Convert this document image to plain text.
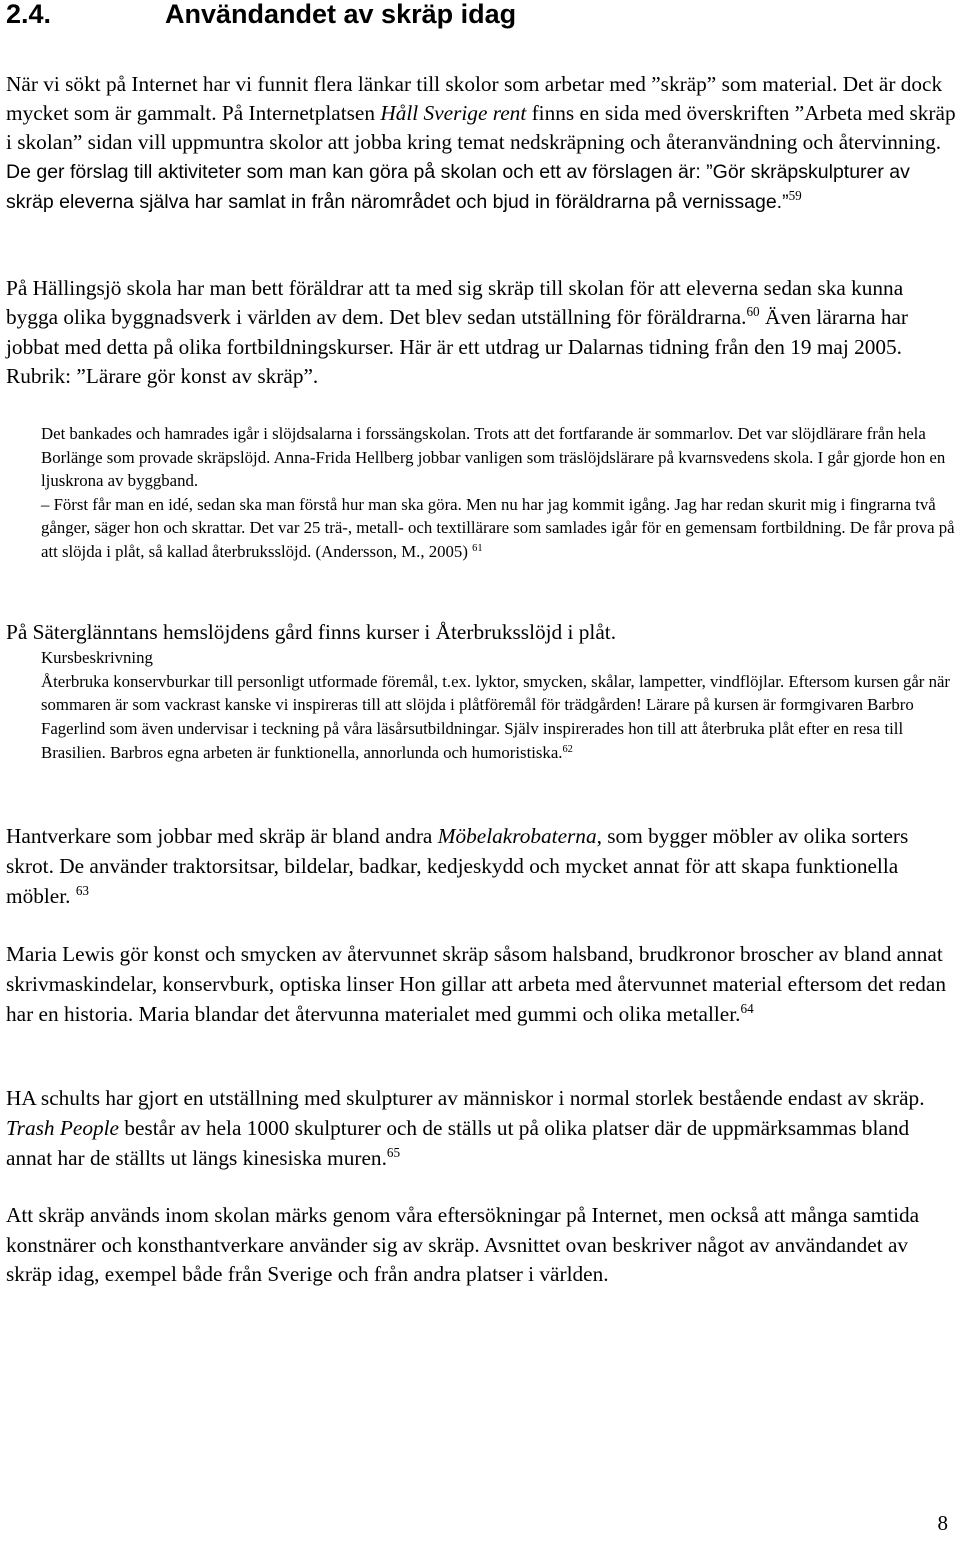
2.4.	Användandet av skräp idag

När vi sökt på Internet har vi funnit flera länkar till skolor som arbetar med ”skräp” som material. Det är dock mycket som är gammalt. På Internetplatsen Håll Sverige rent finns en sida med överskriften ”Arbeta med skräp i skolan” sidan vill uppmuntra skolor att jobba kring temat nedskräpning och återanvändning och återvinning. De ger förslag till aktiviteter som man kan göra på skolan och ett av förslagen är: ”Gör skräpskulpturer av skräp eleverna själva har samlat in från närområdet och bjud in föräldrarna på vernissage.”$^{59}$

På Hällingsjö skola har man bett föräldrar att ta med sig skräp till skolan för att eleverna sedan ska kunna bygga olika byggnadsverk i världen av dem. Det blev sedan utställning för föräldrarna.$^{60}$ Även lärarna har jobbat med detta på olika fortbildningskurser. Här är ett utdrag ur Dalarnas tidning från den 19 maj 2005. Rubrik: ”Lärare gör konst av skräp”.

Det bankades och hamrades igår i slöjdsalarna i forssängskolan. Trots att det fortfarande är sommarlov. Det var slöjdlärare från hela Borlänge som provade skräpslöjd. Anna-Frida Hellberg jobbar vanligen som träslöjdslärare på kvarnsvedens skola. I går gjorde hon en ljuskrona av byggband.
– Först får man en idé, sedan ska man förstå hur man ska göra. Men nu har jag kommit igång. Jag har redan skurit mig i fingrarna två gånger, säger hon och skrattar. Det var 25 trä-, metall- och textillärare som samlades igår för en gemensam fortbildning. De får prova på att slöjda i plåt, så kallad återbruksslöjd. (Andersson, M., 2005) $^{61}$

På Säterglänntans hemslöjdens gård finns kurser i Återbruksslöjd i plåt.

Kursbeskrivning
Återbruka konservburkar till personligt utformade föremål, t.ex. lyktor, smycken, skålar, lampetter, vindflöjlar. Eftersom kursen går när sommaren är som vackrast kanske vi inspireras till att slöjda i plåtföremål för trädgården! Lärare på kursen är formgivaren Barbro Fagerlind som även undervisar i teckning på våra läsårsutbildningar. Själv inspirerades hon till att återbruka plåt efter en resa till Brasilien. Barbros egna arbeten är funktionella, annorlunda och humoristiska.$^{62}$

Hantverkare som jobbar med skräp är bland andra Möbelakrobaterna, som bygger möbler av olika sorters skrot. De använder traktorsitsar, bildelar, badkar, kedjeskydd och mycket annat för att skapa funktionella möbler. $^{63}$

Maria Lewis gör konst och smycken av återvunnet skräp såsom halsband, brudkronor broscher av bland annat skrivmaskindelar, konservburk, optiska linser Hon gillar att arbeta med återvunnet material eftersom det redan har en historia. Maria blandar det återvunna materialet med gummi och olika metaller.$^{64}$

HA schults har gjort en utställning med skulpturer av människor i normal storlek bestående endast av skräp. Trash People består av hela 1000 skulpturer och de ställs ut på olika platser där de uppmärksammas bland annat har de ställts ut längs kinesiska muren.$^{65}$

Att skräp används inom skolan märks genom våra eftersökningar på Internet, men också att många samtida konstnärer och konsthantverkare använder sig av skräp. Avsnittet ovan beskriver något av användandet av skräp idag, exempel både från Sverige och från andra platser i världen.

8
